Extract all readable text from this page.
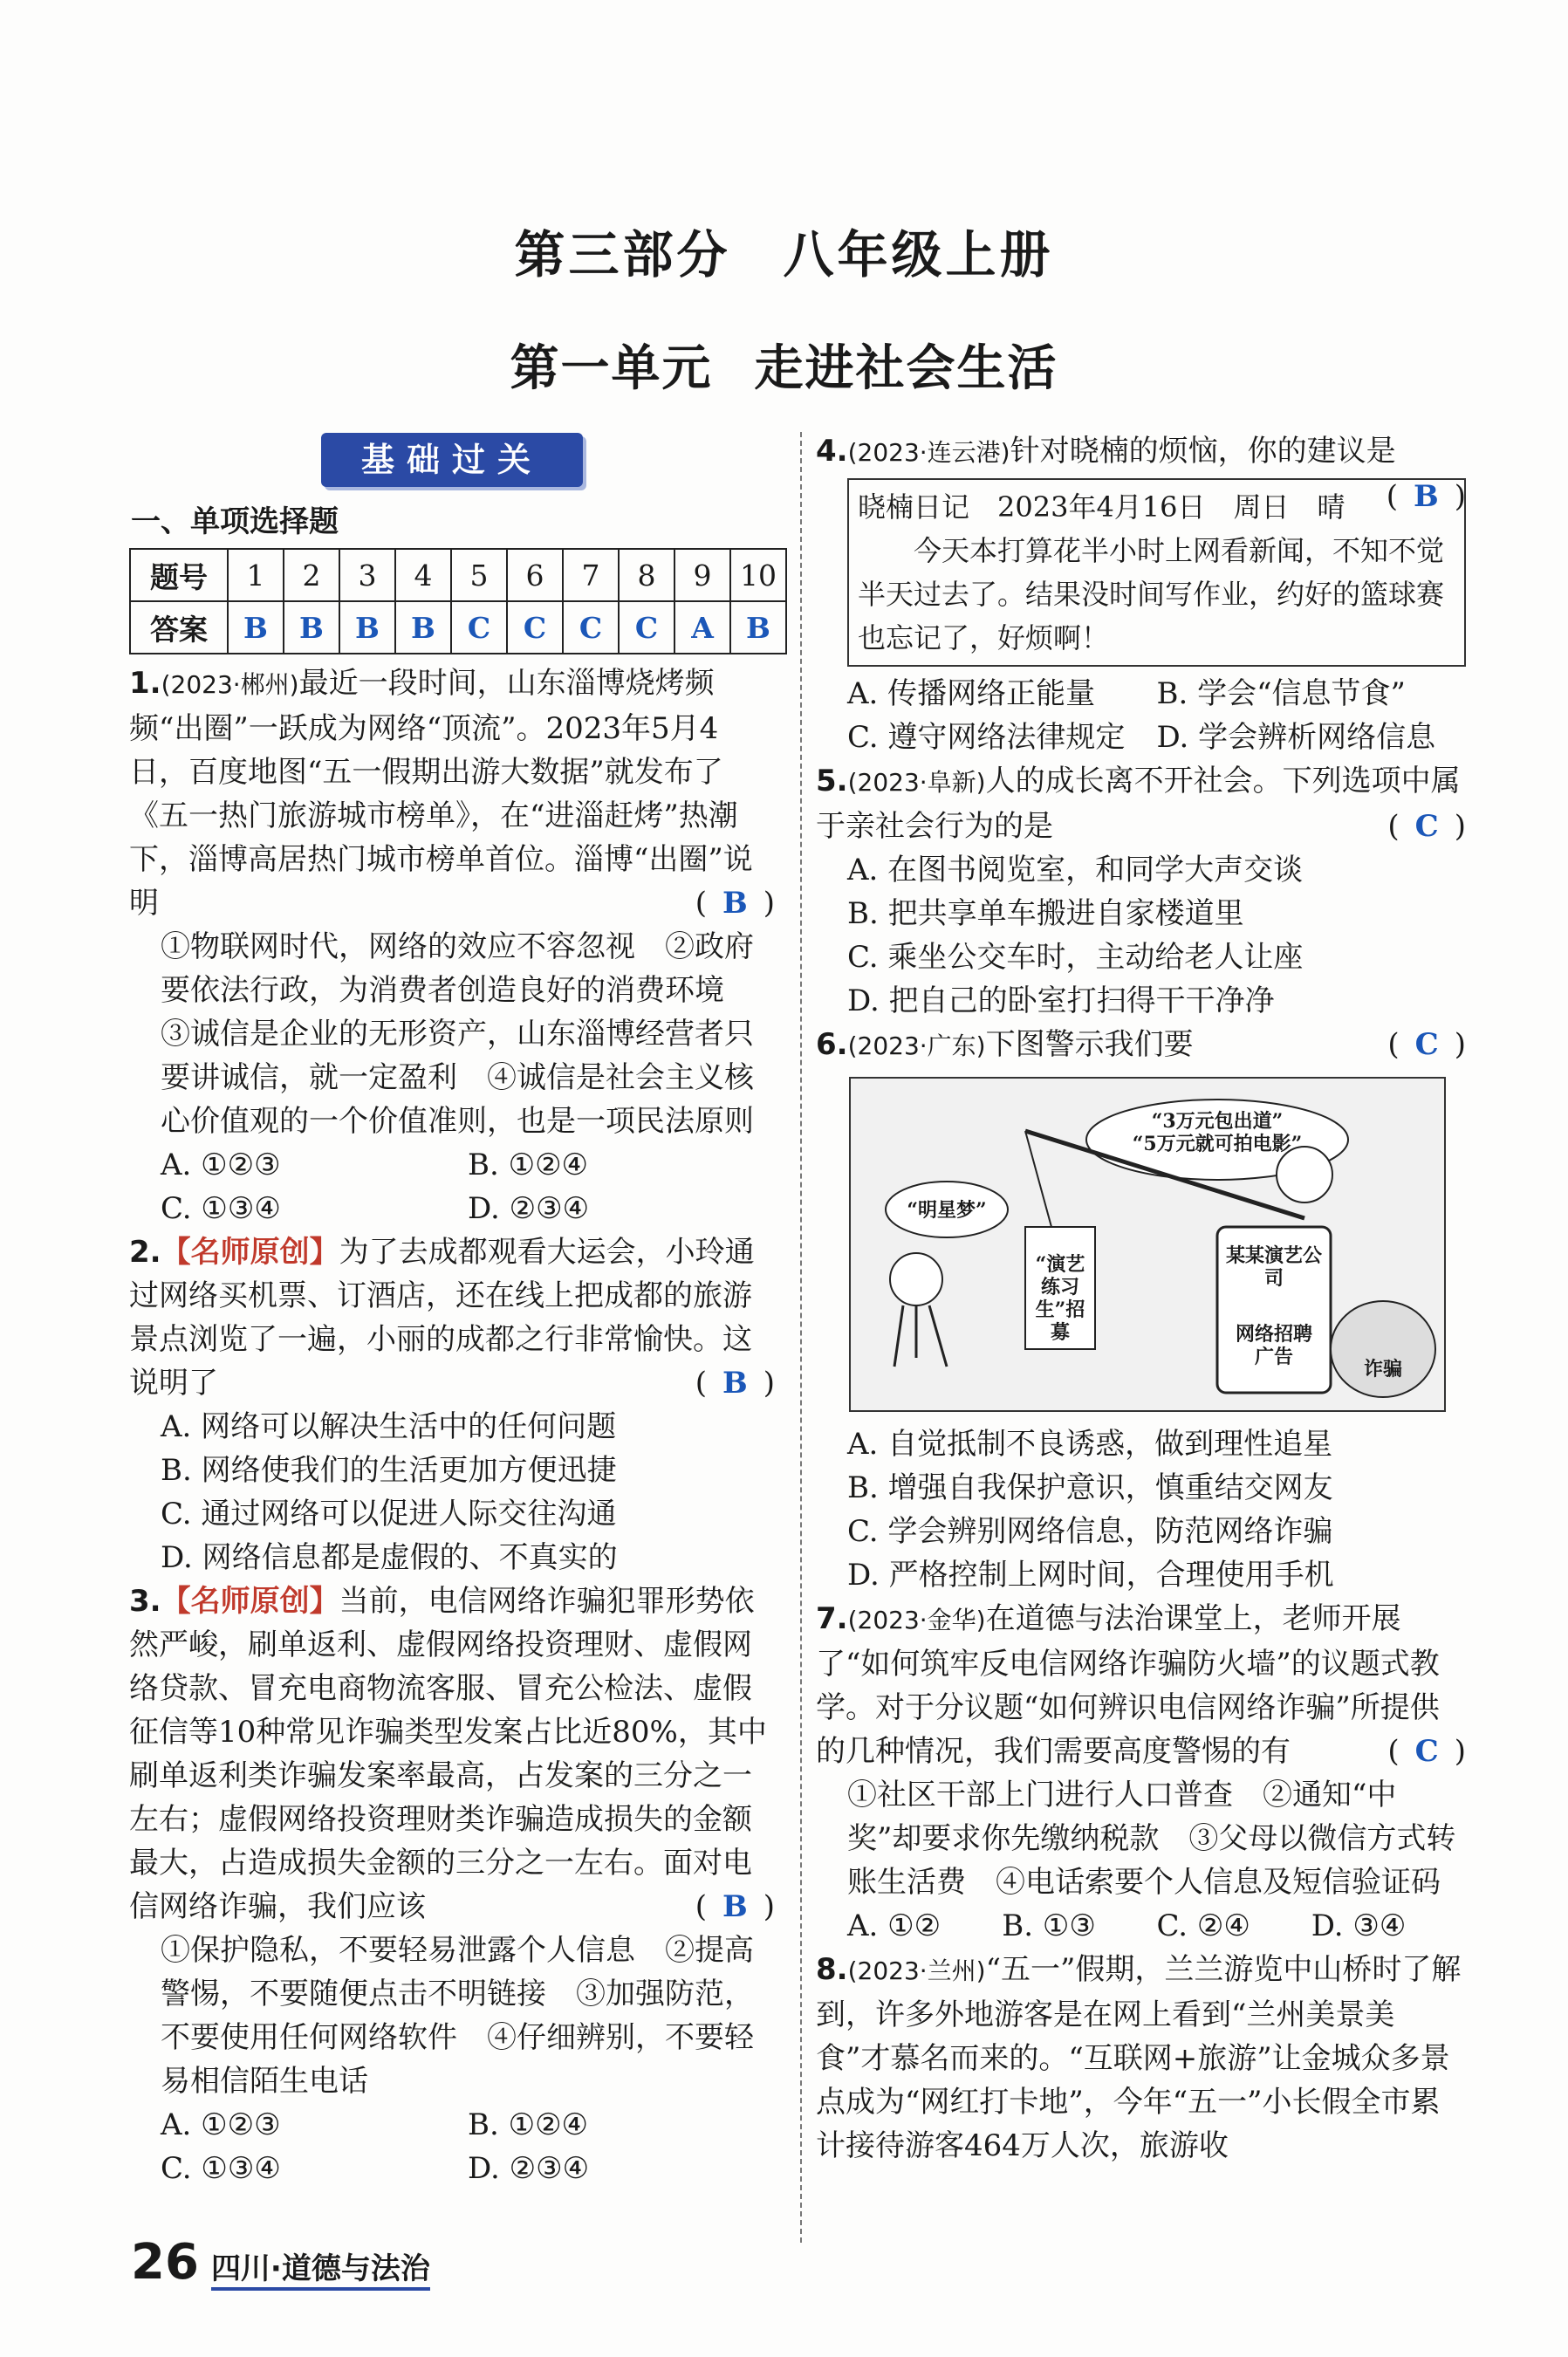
第三部分 八年级上册
第一单元 走进社会生活
基础过关
一、单项选择题
题号	1	2	3	4	5	6	7	8	9	10
答案	B	B	B	B	C	C	C	C	A	B
1.(2023·郴州)最近一段时间，山东淄博烧烤频频“出圈”一跃成为网络“顶流”。2023年5月4日，百度地图“五一假期出游大数据”就发布了《五一热门旅游城市榜单》，在“进淄赶烤”热潮下，淄博高居热门城市榜单首位。淄博“出圈”说明	( B )
①物联网时代，网络的效应不容忽视　②政府要依法行政，为消费者创造良好的消费环境　③诚信是企业的无形资产，山东淄博经营者只要讲诚信，就一定盈利　④诚信是社会主义核心价值观的一个价值准则，也是一项民法原则
A. ①②③	B. ①②④
C. ①③④	D. ②③④
2.【名师原创】为了去成都观看大运会，小玲通过网络买机票、订酒店，还在线上把成都的旅游景点浏览了一遍，小丽的成都之行非常愉快。这说明了	( B )
A. 网络可以解决生活中的任何问题
B. 网络使我们的生活更加方便迅捷
C. 通过网络可以促进人际交往沟通
D. 网络信息都是虚假的、不真实的
3.【名师原创】当前，电信网络诈骗犯罪形势依然严峻，刷单返利、虚假网络投资理财、虚假网络贷款、冒充电商物流客服、冒充公检法、虚假征信等10种常见诈骗类型发案占比近80%，其中刷单返利类诈骗发案率最高，占发案的三分之一左右；虚假网络投资理财类诈骗造成损失的金额最大，占造成损失金额的三分之一左右。面对电信网络诈骗，我们应该	( B )
①保护隐私，不要轻易泄露个人信息　②提高警惕，不要随便点击不明链接　③加强防范，不要使用任何网络软件　④仔细辨别，不要轻易相信陌生电话
A. ①②③	B. ①②④
C. ①③④	D. ②③④
4.(2023·连云港)针对晓楠的烦恼，你的建议是
( B )
晓楠日记　2023年4月16日　周日　晴
今天本打算花半小时上网看新闻，不知不觉半天过去了。结果没时间写作业，约好的篮球赛也忘记了，好烦啊！
A. 传播网络正能量	B. 学会“信息节食”
C. 遵守网络法律规定	D. 学会辨析网络信息
5.(2023·阜新)人的成长离不开社会。下列选项中属于亲社会行为的是	( C )
A. 在图书阅览室，和同学大声交谈
B. 把共享单车搬进自家楼道里
C. 乘坐公交车时，主动给老人让座
D. 把自己的卧室打扫得干干净净
6.(2023·广东)下图警示我们要	( C )
“3万元包出道”
“5万元就可拍电影”
“明星梦”
“演艺练习生”招募
某某演艺公司
网络招聘广告
诈骗
A. 自觉抵制不良诱惑，做到理性追星
B. 增强自我保护意识，慎重结交网友
C. 学会辨别网络信息，防范网络诈骗
D. 严格控制上网时间，合理使用手机
7.(2023·金华)在道德与法治课堂上，老师开展了“如何筑牢反电信网络诈骗防火墙”的议题式教学。对于分议题“如何辨识电信网络诈骗”所提供的几种情况，我们需要高度警惕的有	( C )
①社区干部上门进行人口普查　②通知“中奖”却要求你先缴纳税款　③父母以微信方式转账生活费　④电话索要个人信息及短信验证码
A. ①②	B. ①③	C. ②④	D. ③④
8.(2023·兰州)“五一”假期，兰兰游览中山桥时了解到，许多外地游客是在网上看到“兰州美景美食”才慕名而来的。“互联网+旅游”让金城众多景点成为“网红打卡地”，今年“五一”小长假全市累计接待游客464万人次，旅游收
26 四川·道德与法治
